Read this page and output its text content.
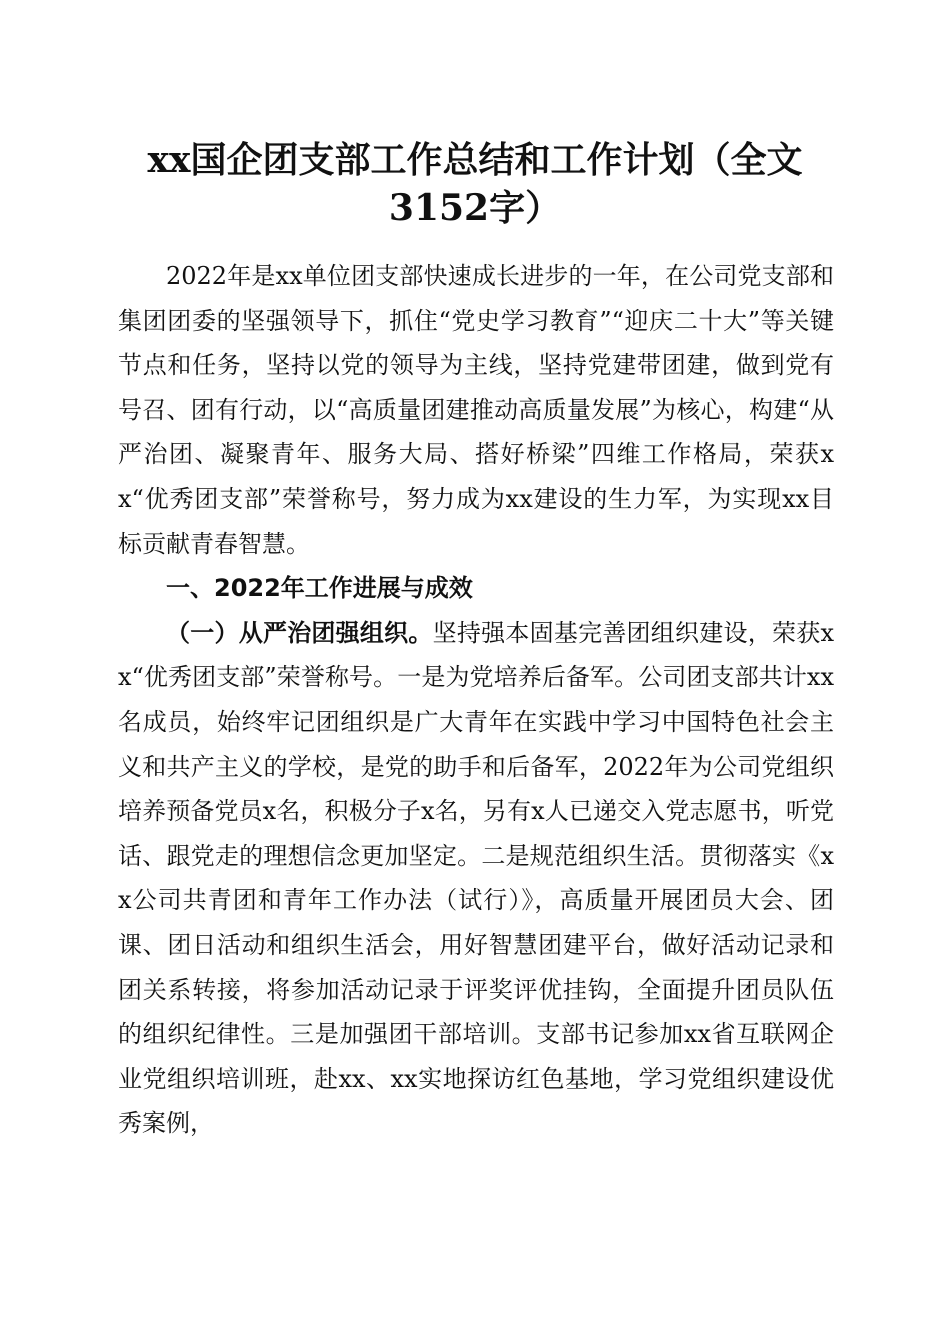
xx国企团支部工作总结和工作计划（全文3152字）

2022年是xx单位团支部快速成长进步的一年，在公司党支部和集团团委的坚强领导下，抓住“党史学习教育”“迎庆二十大”等关键节点和任务，坚持以党的领导为主线，坚持党建带团建，做到党有号召、团有行动，以“高质量团建推动高质量发展”为核心，构建“从严治团、凝聚青年、服务大局、搭好桥梁”四维工作格局，荣获xx“优秀团支部”荣誉称号，努力成为xx建设的生力军，为实现xx目标贡献青春智慧。

一、2022年工作进展与成效

（一）从严治团强组织。坚持强本固基完善团组织建设，荣获xx“优秀团支部”荣誉称号。一是为党培养后备军。公司团支部共计xx名成员，始终牢记团组织是广大青年在实践中学习中国特色社会主义和共产主义的学校，是党的助手和后备军，2022年为公司党组织培养预备党员x名，积极分子x名，另有x人已递交入党志愿书，听党话、跟党走的理想信念更加坚定。二是规范组织生活。贯彻落实《xx公司共青团和青年工作办法（试行）》，高质量开展团员大会、团课、团日活动和组织生活会，用好智慧团建平台，做好活动记录和团关系转接，将参加活动记录于评奖评优挂钩，全面提升团员队伍的组织纪律性。三是加强团干部培训。支部书记参加xx省互联网企业党组织培训班，赴xx、xx实地探访红色基地，学习党组织建设优秀案例，
